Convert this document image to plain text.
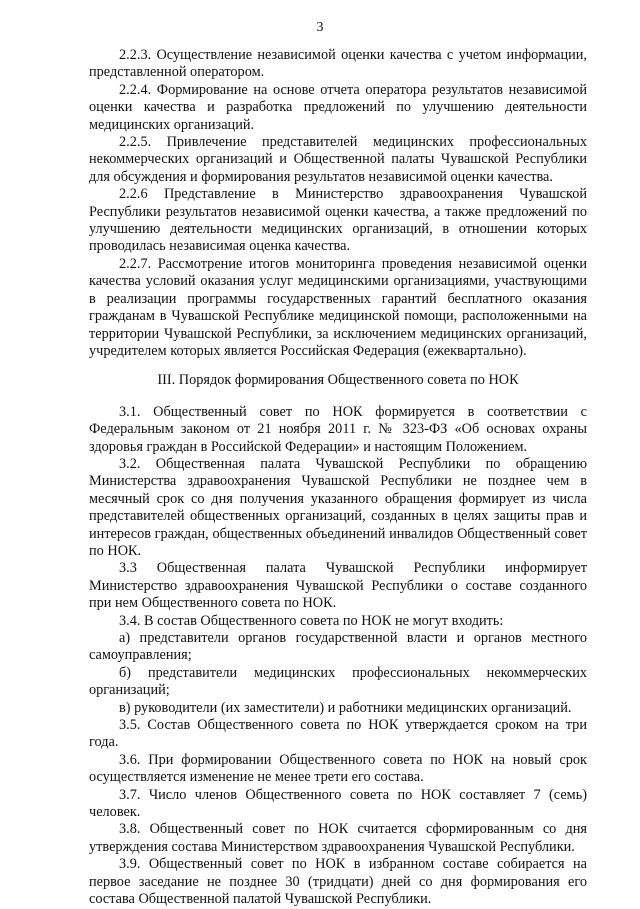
3

2.2.3. Осуществление независимой оценки качества с учетом информации, представленной оператором.

2.2.4. Формирование на основе отчета оператора результатов независимой оценки качества и разработка предложений по улучшению деятельности медицинских организаций.

2.2.5. Привлечение представителей медицинских профессиональных некоммерческих организаций и Общественной палаты Чувашской Республики для обсуждения и формирования результатов независимой оценки качества.

2.2.6 Представление в Министерство здравоохранения Чувашской Республики результатов независимой оценки качества, а также предложений по улучшению деятельности медицинских организаций, в отношении которых проводилась независимая оценка качества.

2.2.7. Рассмотрение итогов мониторинга проведения независимой оценки качества условий оказания услуг медицинскими организациями, участвующими в реализации программы государственных гарантий бесплатного оказания гражданам в Чувашской Республике медицинской помощи, расположенными на территории Чувашской Республики, за исключением медицинских организаций, учредителем которых является Российская Федерация (ежеквартально).

III. Порядок формирования Общественного совета по НОК

3.1. Общественный совет по НОК формируется в соответствии с Федеральным законом от 21 ноября 2011 г. № 323-ФЗ «Об основах охраны здоровья граждан в Российской Федерации» и настоящим Положением.

3.2. Общественная палата Чувашской Республики по обращению Министерства здравоохранения Чувашской Республики не позднее чем в месячный срок со дня получения указанного обращения формирует из числа представителей общественных организаций, созданных в целях защиты прав и интересов граждан, общественных объединений инвалидов Общественный совет по НОК.

3.3 Общественная палата Чувашской Республики информирует Министерство здравоохранения Чувашской Республики о составе созданного при нем Общественного совета по НОК.

3.4. В состав Общественного совета по НОК не могут входить:

а) представители органов государственной власти и органов местного самоуправления;

б) представители медицинских профессиональных некоммерческих организаций;

в) руководители (их заместители) и работники медицинских организаций.

3.5. Состав Общественного совета по НОК утверждается сроком на три года.

3.6. При формировании Общественного совета по НОК на новый срок осуществляется изменение не менее трети его состава.

3.7. Число членов Общественного совета по НОК составляет 7 (семь) человек.

3.8. Общественный совет по НОК считается сформированным со дня утверждения состава Министерством здравоохранения Чувашской Республики.

3.9. Общественный совет по НОК в избранном составе собирается на первое заседание не позднее 30 (тридцати) дней со дня формирования его состава Общественной палатой Чувашской Республики.
